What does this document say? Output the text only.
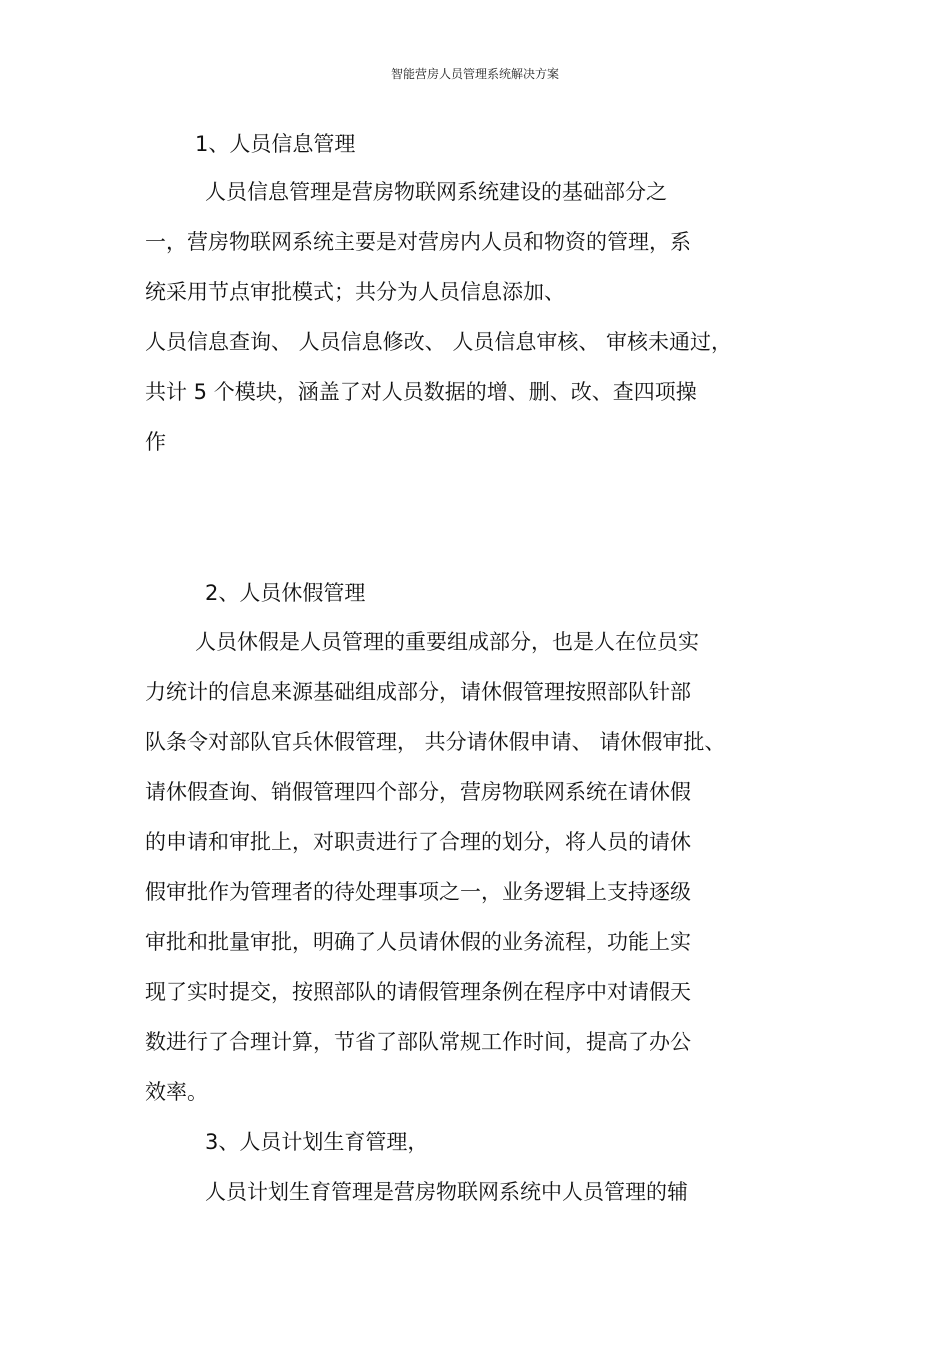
智能营房人员管理系统解决方案
1、人员信息管理
人员信息管理是营房物联网系统建设的基础部分之
一，营房物联网系统主要是对营房内人员和物资的管理，系
统采用节点审批模式；共分为人员信息添加、
人员信息查询、 人员信息修改、 人员信息审核、 审核未通过，
共计 5 个模块，涵盖了对人员数据的增、删、改、查四项操
作
2、人员休假管理
人员休假是人员管理的重要组成部分，也是人在位员实
力统计的信息来源基础组成部分，请休假管理按照部队针部
队条令对部队官兵休假管理， 共分请休假申请、 请休假审批、
请休假查询、销假管理四个部分，营房物联网系统在请休假
的申请和审批上，对职责进行了合理的划分，将人员的请休
假审批作为管理者的待处理事项之一，业务逻辑上支持逐级
审批和批量审批，明确了人员请休假的业务流程，功能上实
现了实时提交，按照部队的请假管理条例在程序中对请假天
数进行了合理计算，节省了部队常规工作时间，提高了办公
效率。
3、人员计划生育管理，
人员计划生育管理是营房物联网系统中人员管理的辅
